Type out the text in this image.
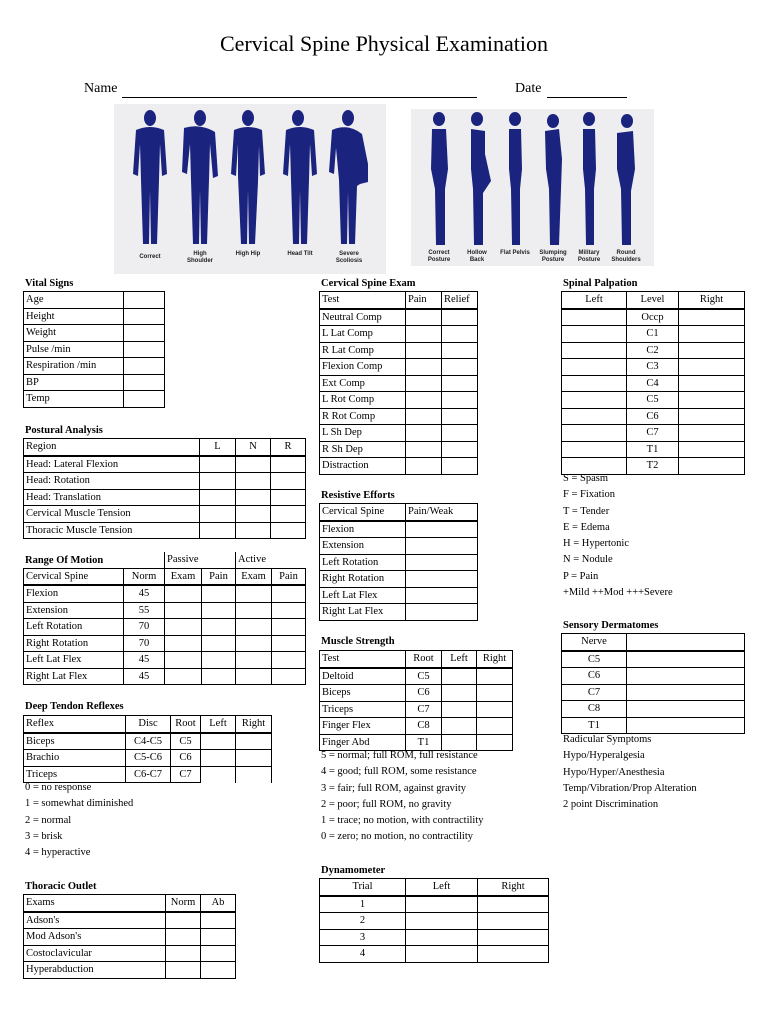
Cervical Spine Physical Examination
Name	Date
Correct	High Shoulder
High Hip	Head Tilt	Severe Scoliosis
Correct Posture
Hollow Back
Flat Pelvis	Slumping Posture
Military Posture
Round Shoulders
Vital Signs
Age	
Height	
Weight	
Pulse /min	
Respiration /min	
BP	
Temp	
Postural Analysis
Region	L	N	R
Head: Lateral Flexion			
Head: Rotation			
Head: Translation			
Cervical Muscle Tension			
Thoracic Muscle Tension			
Range Of Motion
			Passive		Active	
Cervical Spine	Norm	Exam	Pain	Exam	Pain
Flexion	45				
Extension	55				
Left Rotation	70				
Right Rotation	70				
Left Lat Flex	45				
Right Lat Flex	45				
Deep Tendon Reflexes
Reflex	Disc	Root	Left	Right
Biceps	C4-C5	C5		
Brachio	C5-C6	C6		
Triceps	C6-C7	C7		
0 = no response
1 = somewhat diminished
2 = normal
3 = brisk
4 = hyperactive
Thoracic Outlet
Exams	Norm	Ab
Adson's		
Mod Adson's		
Costoclavicular		
Hyperabduction		
Cervical Spine Exam
Test	Pain	Relief
Neutral Comp		
L Lat Comp		
R Lat Comp		
Flexion Comp		
Ext Comp		
L Rot Comp		
R Rot Comp		
L Sh Dep		
R Sh Dep		
Distraction		
Resistive Efforts
Cervical Spine	Pain/Weak
Flexion	
Extension	
Left Rotation	
Right Rotation	
Left Lat Flex	
Right Lat Flex	
Muscle Strength
Test	Root	Left	Right
Deltoid	C5		
Biceps	C6		
Triceps	C7		
Finger Flex	C8		
Finger Abd	T1		
5 = normal; full ROM, full resistance
4 = good; full ROM, some resistance
3 = fair; full ROM, against gravity
2 = poor; full ROM, no gravity
1 = trace; no motion, with contractility
0 = zero; no motion, no contractility
Dynamometer
Trial	Left	Right
1		
2		
3		
4		
Spinal Palpation
Left	Level	Right
	Occp	
	C1	
	C2	
	C3	
	C4	
	C5	
	C6	
	C7	
	T1	
	T2	
S = Spasm
F = Fixation
T = Tender
E = Edema
H = Hypertonic
N = Nodule
P = Pain
+Mild ++Mod +++Severe
Sensory Dermatomes
Nerve	
C5	
C6	
C7	
C8	
T1	
Radicular Symptoms
Hypo/Hyperalgesia
Hypo/Hyper/Anesthesia
Temp/Vibration/Prop Alteration
2 point Discrimination
